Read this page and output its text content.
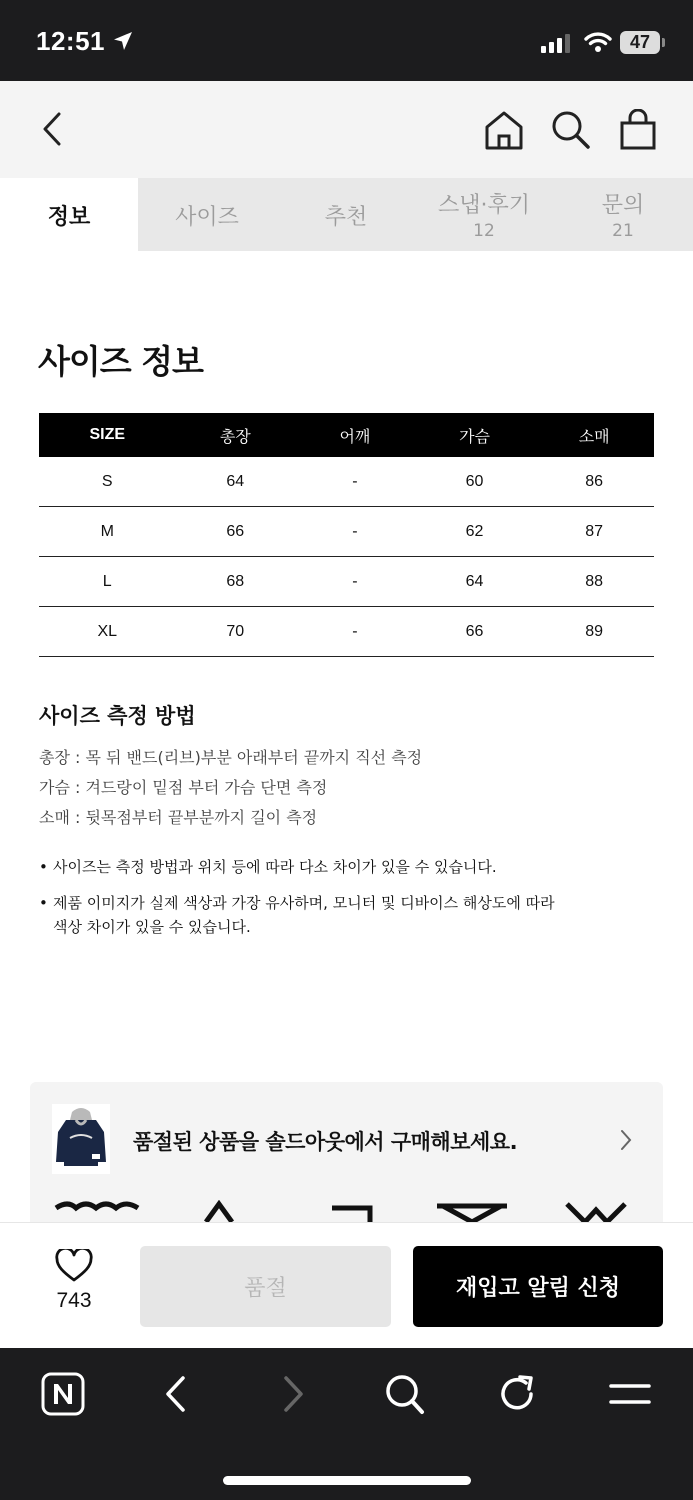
12:51	47
정보	사이즈	추천	스냅·후기
12
문의
21
사이즈 정보
SIZE	총장	어깨	가슴	소매
S	64	-	60	86
M	66	-	62	87
L	68	-	64	88
XL	70	-	66	89
사이즈 측정 방법
총장 : 목 뒤 밴드(리브)부분 아래부터 끝까지 직선 측정
가슴 : 겨드랑이 밑점 부터 가슴 단면 측정
소매 : 뒷목점부터 끝부분까지 길이 측정
• 사이즈는 측정 방법과 위치 등에 따라 다소 차이가 있을 수 있습니다.
• 제품 이미지가 실제 색상과 가장 유사하며, 모니터 및 디바이스 해상도에 따라 색상 차이가 있을 수 있습니다.
품절된 상품을 솔드아웃에서 구매해보세요.
743	품절	재입고 알림 신청
